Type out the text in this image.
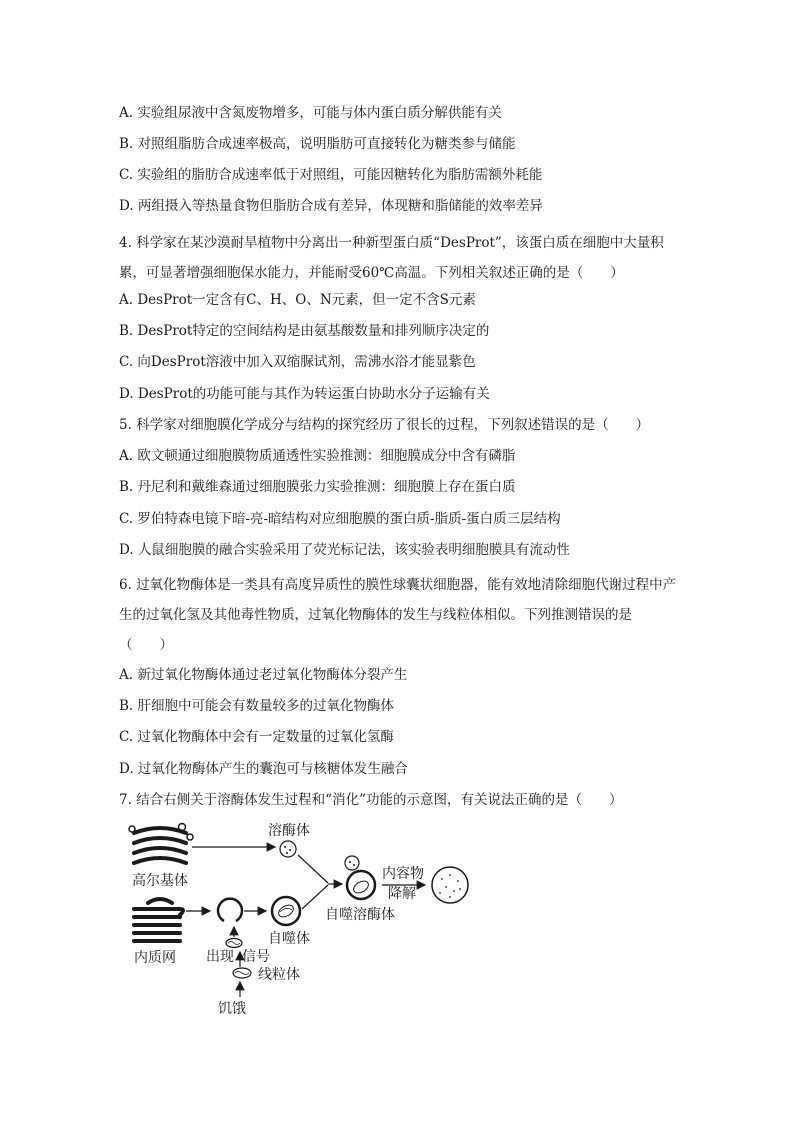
A. 实验组尿液中含氮废物增多，可能与体内蛋白质分解供能有关
B. 对照组脂肪合成速率极高，说明脂肪可直接转化为糖类参与储能
C. 实验组的脂肪合成速率低于对照组，可能因糖转化为脂肪需额外耗能
D. 两组摄入等热量食物但脂肪合成有差异，体现糖和脂储能的效率差异
4. 科学家在某沙漠耐旱植物中分离出一种新型蛋白质“DesProt”，该蛋白质在细胞中大量积累，可显著增强细胞保水能力，并能耐受60℃高温。下列相关叙述正确的是（　　）
A. DesProt一定含有C、H、O、N元素，但一定不含S元素
B. DesProt特定的空间结构是由氨基酸数量和排列顺序决定的
C. 向DesProt溶液中加入双缩脲试剂，需沸水浴才能显紫色
D. DesProt的功能可能与其作为转运蛋白协助水分子运输有关
5. 科学家对细胞膜化学成分与结构的探究经历了很长的过程，下列叙述错误的是（　　）
A. 欧文顿通过细胞膜物质通透性实验推测：细胞膜成分中含有磷脂
B. 丹尼利和戴维森通过细胞膜张力实验推测：细胞膜上存在蛋白质
C. 罗伯特森电镜下暗-亮-暗结构对应细胞膜的蛋白质-脂质-蛋白质三层结构
D. 人鼠细胞膜的融合实验采用了荧光标记法，该实验表明细胞膜具有流动性
6. 过氧化物酶体是一类具有高度异质性的膜性球囊状细胞器，能有效地清除细胞代谢过程中产生的过氧化氢及其他毒性物质，过氧化物酶体的发生与线粒体相似。下列推测错误的是（　　）
A. 新过氧化物酶体通过老过氧化物酶体分裂产生
B. 肝细胞中可能会有数量较多的过氧化物酶体
C. 过氧化物酶体中会有一定数量的过氧化氢酶
D. 过氧化物酶体产生的囊泡可与核糖体发生融合
7. 结合右侧关于溶酶体发生过程和“消化”功能的示意图，有关说法正确的是（　　）
高尔基体
溶酶体
内质网
自噬体
自噬溶酶体
内容物
降解
出现 信号
线粒体
饥饿
